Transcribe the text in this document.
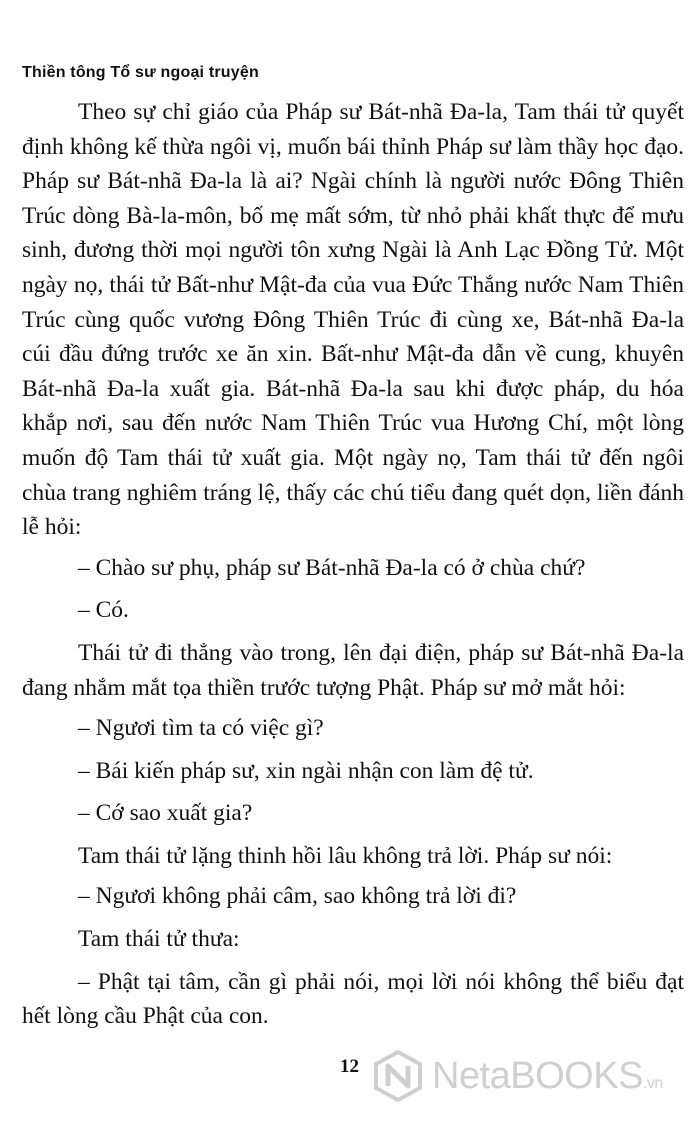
Thiền tông Tổ sư ngoại truyện

Theo sự chỉ giáo của Pháp sư Bát-nhã Đa-la, Tam thái tử quyết định không kế thừa ngôi vị, muốn bái thỉnh Pháp sư làm thầy học đạo. Pháp sư Bát-nhã Đa-la là ai? Ngài chính là người nước Đông Thiên Trúc dòng Bà-la-môn, bố mẹ mất sớm, từ nhỏ phải khất thực để mưu sinh, đương thời mọi người tôn xưng Ngài là Anh Lạc Đồng Tử. Một ngày nọ, thái tử Bất-như Mật-đa của vua Đức Thắng nước Nam Thiên Trúc cùng quốc vương Đông Thiên Trúc đi cùng xe, Bát-nhã Đa-la cúi đầu đứng trước xe ăn xin. Bất-như Mật-đa dẫn về cung, khuyên Bát-nhã Đa-la xuất gia. Bát-nhã Đa-la sau khi được pháp, du hóa khắp nơi, sau đến nước Nam Thiên Trúc vua Hương Chí, một lòng muốn độ Tam thái tử xuất gia. Một ngày nọ, Tam thái tử đến ngôi chùa trang nghiêm tráng lệ, thấy các chú tiểu đang quét dọn, liền đánh lễ hỏi:

– Chào sư phụ, pháp sư Bát-nhã Đa-la có ở chùa chứ?

– Có.

Thái tử đi thẳng vào trong, lên đại điện, pháp sư Bát-nhã Đa-la đang nhắm mắt tọa thiền trước tượng Phật. Pháp sư mở mắt hỏi:

– Ngươi tìm ta có việc gì?

– Bái kiến pháp sư, xin ngài nhận con làm đệ tử.

– Cớ sao xuất gia?

Tam thái tử lặng thinh hồi lâu không trả lời. Pháp sư nói:

– Ngươi không phải câm, sao không trả lời đi?

Tam thái tử thưa:

– Phật tại tâm, cần gì phải nói, mọi lời nói không thể biểu đạt hết lòng cầu Phật của con.

12 NetaBOOKS.vn
